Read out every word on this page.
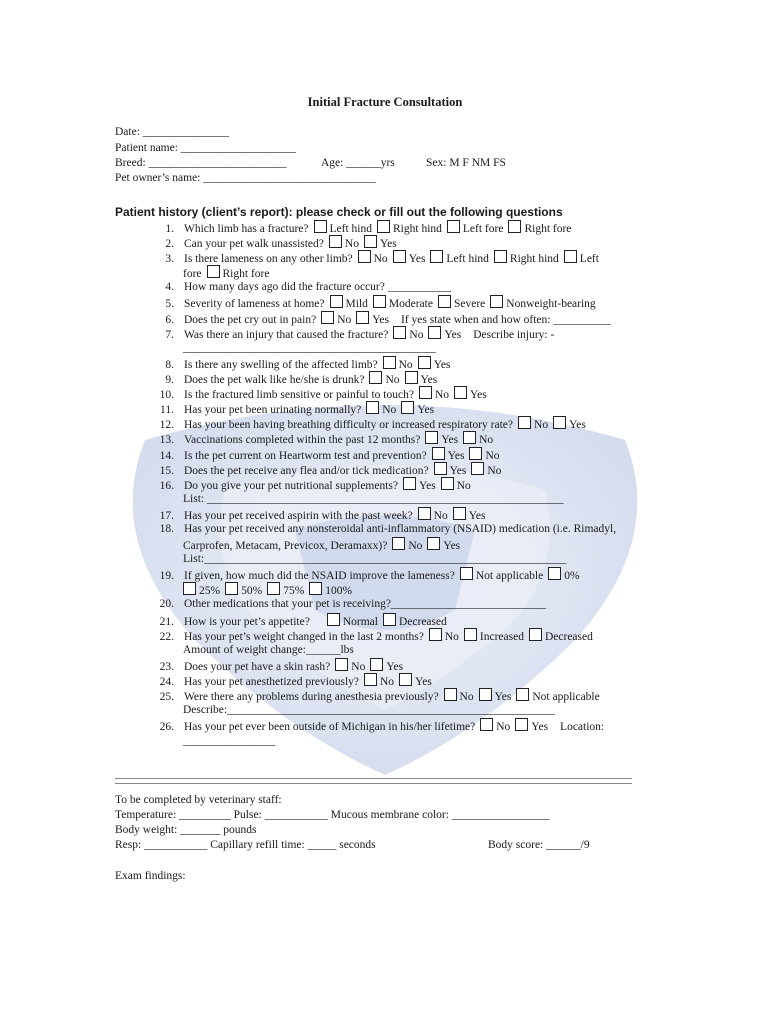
Initial Fracture Consultation
Date: _______________
Patient name: ____________________
Breed: ________________________	Age: ______yrs	Sex: M F NM FS
Pet owner’s name: ______________________________
Patient history (client’s report): please check or fill out the following questions
1. Which limb has a fracture? Left hind Right hind Left fore Right fore
2. Can your pet walk unassisted? No Yes
3. Is there lameness on any other limb? No Yes Left hind Right hind Left
fore Right fore
4. How many days ago did the fracture occur? ___________
5. Severity of lameness at home? Mild Moderate Severe Nonweight-bearing
6. Does the pet cry out in pain? No Yes If yes state when and how often: __________
7. Was there an injury that caused the fracture? No Yes Describe injury: -
____________________________________________
8. Is there any swelling of the affected limb? No Yes
9. Does the pet walk like he/she is drunk? No Yes
10. Is the fractured limb sensitive or painful to touch? No Yes
11. Has your pet been urinating normally? No Yes
12. Has your been having breathing difficulty or increased respiratory rate? No Yes
13. Vaccinations completed within the past 12 months? Yes No
14. Is the pet current on Heartworm test and prevention? Yes No
15. Does the pet receive any flea and/or tick medication? Yes No
16. Do you give your pet nutritional supplements? Yes No
List: ______________________________________________________________
17. Has your pet received aspirin with the past week? No Yes
18. Has your pet received any nonsteroidal anti-inflammatory (NSAID) medication (i.e. Rimadyl,
Carprofen, Metacam, Previcox, Deramaxx)? No Yes
List:_______________________________________________________________
19. If given, how much did the NSAID improve the lameness? Not applicable 0%
25% 50% 75% 100%
20. Other medications that your pet is receiving?___________________________
21. How is your pet’s appetite?	Normal Decreased
22. Has your pet’s weight changed in the last 2 months? No Increased Decreased
Amount of weight change:______lbs
23. Does your pet have a skin rash? No Yes
24. Has your pet anesthetized previously? No Yes
25. Were there any problems during anesthesia previously? No Yes Not applicable
Describe:_________________________________________________________
26. Has your pet ever been outside of Michigan in his/her lifetime? No Yes Location:
________________
To be completed by veterinary staff:
Temperature: _________ Pulse: ___________ Mucous membrane color: _________________
Body weight: _______ pounds
Resp: ___________ Capillary refill time: _____ seconds	Body score: ______/9
Exam findings:
